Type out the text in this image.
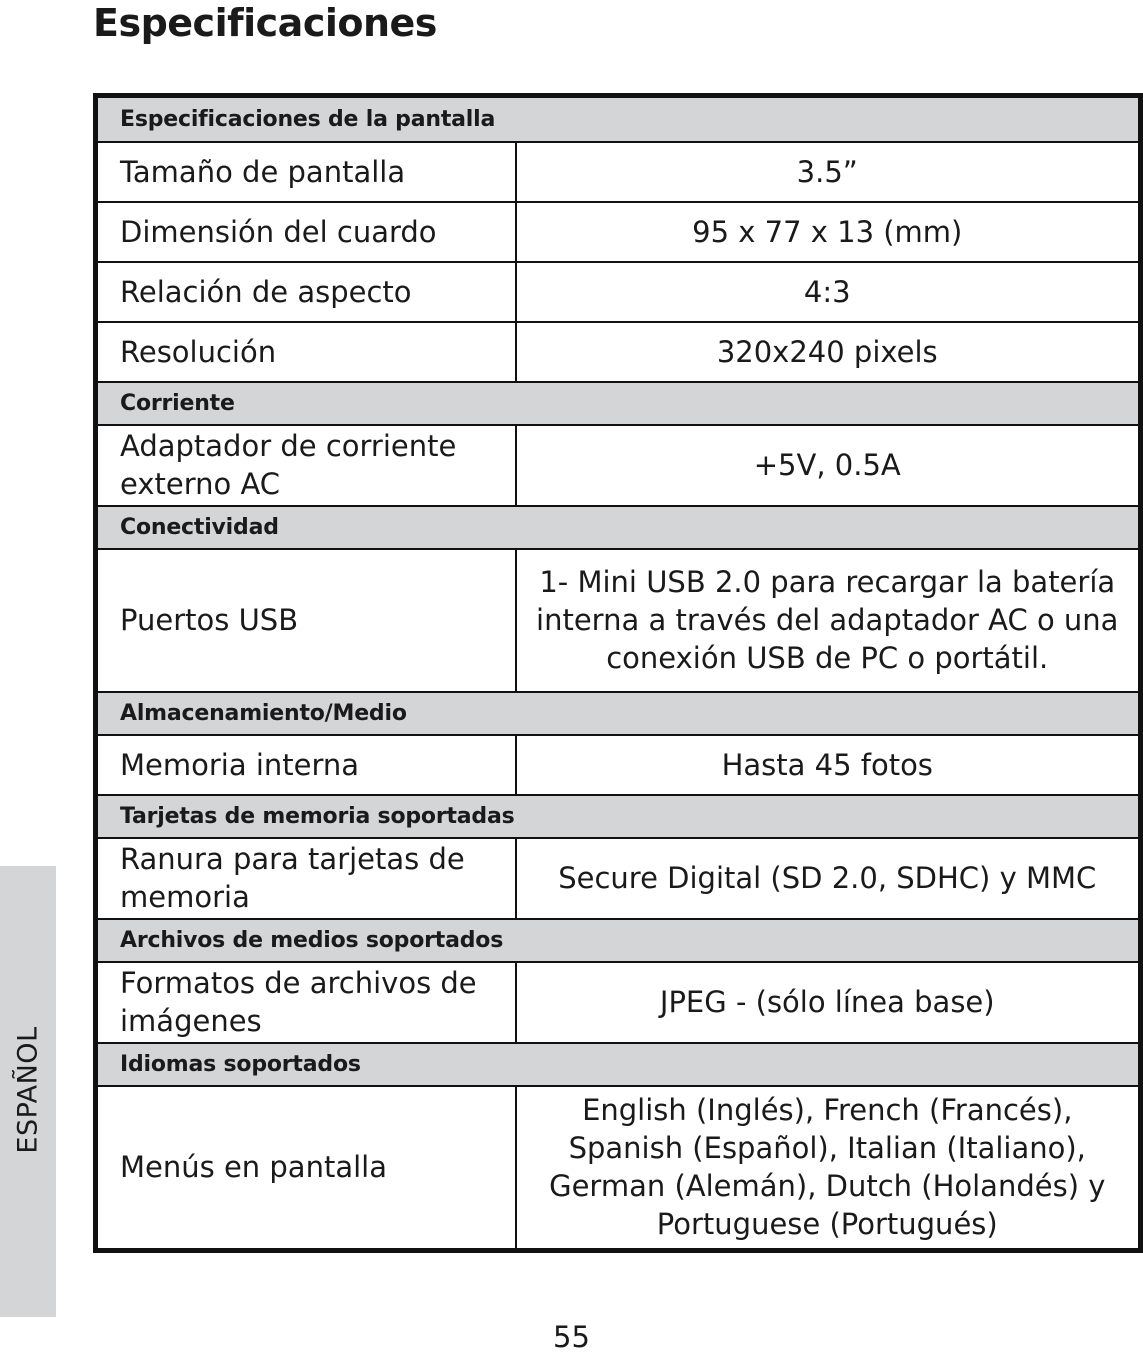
Especificaciones
Especificaciones de la pantalla	
Tamaño de pantalla	3.5”
Dimensión del cuardo	95 x 77 x 13 (mm)
Relación de aspecto	4:3
Resolución	320x240 pixels
Corriente	
Adaptador de corriente externo AC	+5V, 0.5A
Conectividad	
Puertos USB	1- Mini USB 2.0 para recargar la batería interna a través del adaptador AC o una conexión USB de PC o portátil.
Almacenamiento/Medio	
Memoria interna	Hasta 45 fotos
Tarjetas de memoria soportadas	
Ranura para tarjetas de memoria	Secure Digital (SD 2.0, SDHC) y MMC
Archivos de medios soportados	
Formatos de archivos de imágenes	JPEG - (sólo línea base)
Idiomas soportados	
Menús en pantalla	English (Inglés), French (Francés), Spanish (Español), Italian (Italiano), German (Alemán), Dutch (Holandés) y Portuguese (Portugués)
ESPAÑOL
55
